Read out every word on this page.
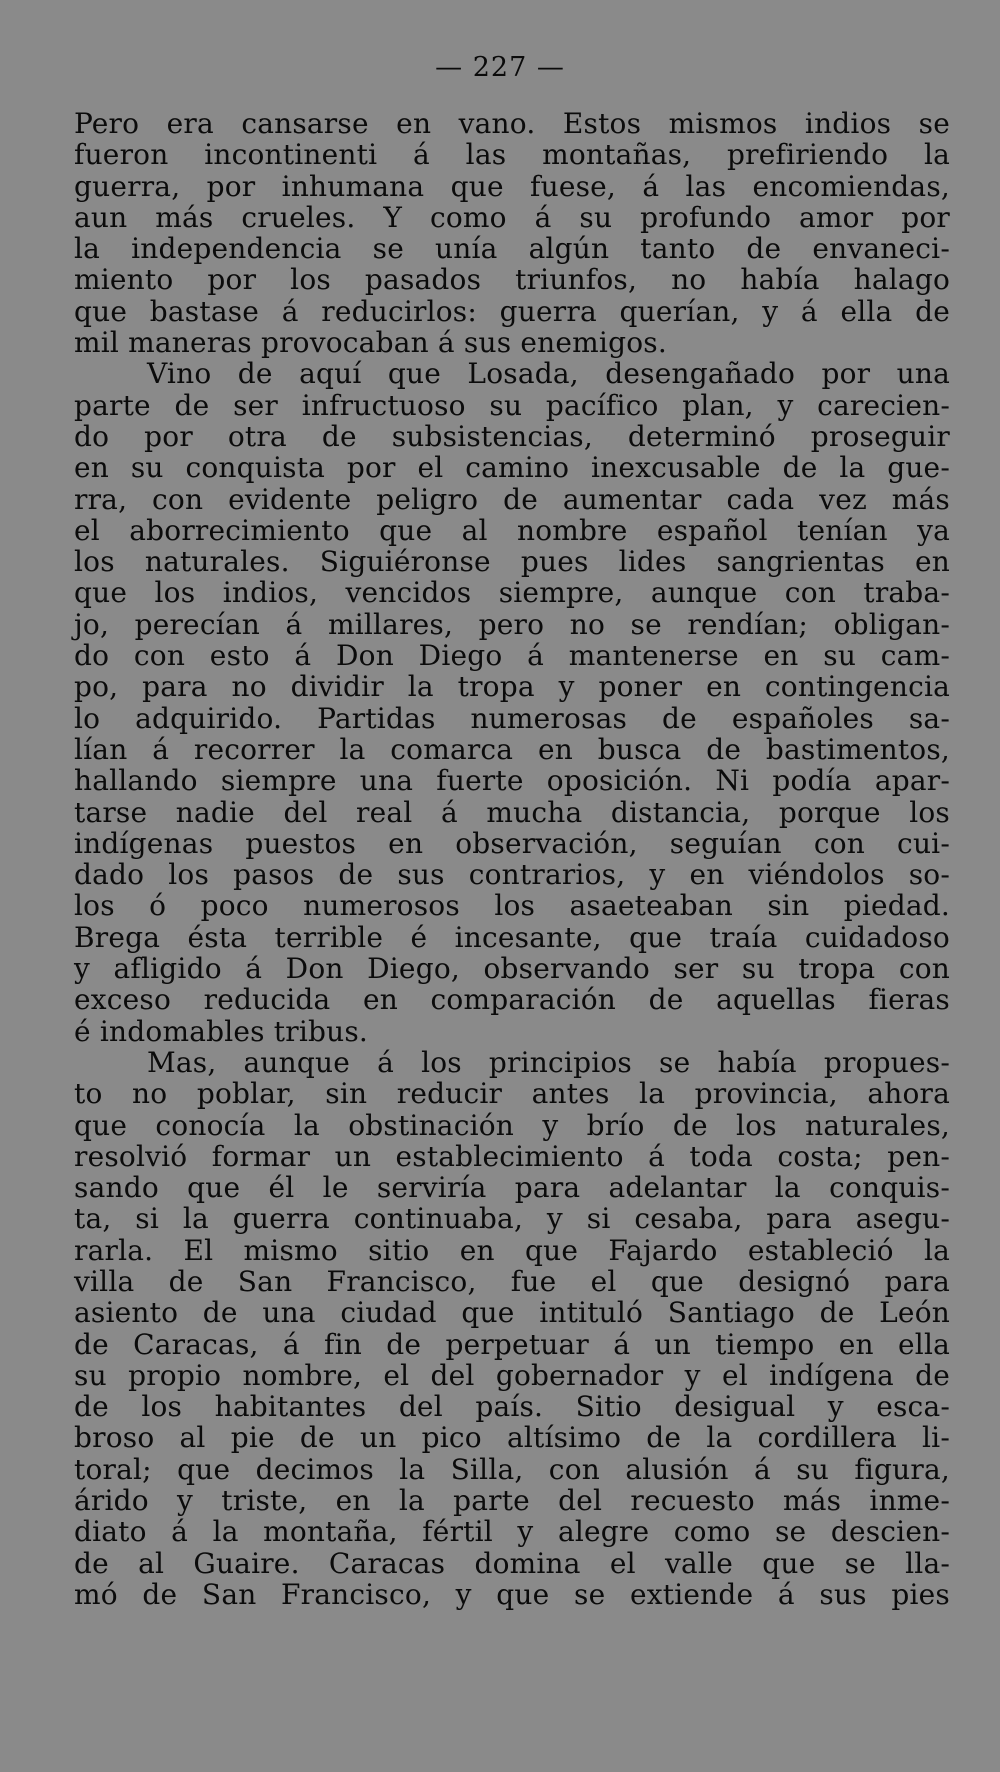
— 227 —
Pero era cansarse en vano. Estos mismos indios se
fueron incontinenti á las montañas, prefiriendo la
guerra, por inhumana que fuese, á las encomiendas,
aun más crueles. Y como á su profundo amor por
la independencia se unía algún tanto de envaneci-
miento por los pasados triunfos, no había halago
que bastase á reducirlos: guerra querían, y á ella de
mil maneras provocaban á sus enemigos.
Vino de aquí que Losada, desengañado por una
parte de ser infructuoso su pacífico plan, y carecien-
do por otra de subsistencias, determinó proseguir
en su conquista por el camino inexcusable de la gue-
rra, con evidente peligro de aumentar cada vez más
el aborrecimiento que al nombre español tenían ya
los naturales. Siguiéronse pues lides sangrientas en
que los indios, vencidos siempre, aunque con traba-
jo, perecían á millares, pero no se rendían; obligan-
do con esto á Don Diego á mantenerse en su cam-
po, para no dividir la tropa y poner en contingencia
lo adquirido. Partidas numerosas de españoles sa-
lían á recorrer la comarca en busca de bastimentos,
hallando siempre una fuerte oposición. Ni podía apar-
tarse nadie del real á mucha distancia, porque los
indígenas puestos en observación, seguían con cui-
dado los pasos de sus contrarios, y en viéndolos so-
los ó poco numerosos los asaeteaban sin piedad.
Brega ésta terrible é incesante, que traía cuidadoso
y afligido á Don Diego, observando ser su tropa con
exceso reducida en comparación de aquellas fieras
é indomables tribus.
Mas, aunque á los principios se había propues-
to no poblar, sin reducir antes la provincia, ahora
que conocía la obstinación y brío de los naturales,
resolvió formar un establecimiento á toda costa; pen-
sando que él le serviría para adelantar la conquis-
ta, si la guerra continuaba, y si cesaba, para asegu-
rarla. El mismo sitio en que Fajardo estableció la
villa de San Francisco, fue el que designó para
asiento de una ciudad que intituló Santiago de León
de Caracas, á fin de perpetuar á un tiempo en ella
su propio nombre, el del gobernador y el indígena de
de los habitantes del país. Sitio desigual y esca-
broso al pie de un pico altísimo de la cordillera li-
toral; que decimos la Silla, con alusión á su figura,
árido y triste, en la parte del recuesto más inme-
diato á la montaña, fértil y alegre como se descien-
de al Guaire. Caracas domina el valle que se lla-
mó de San Francisco, y que se extiende á sus pies
